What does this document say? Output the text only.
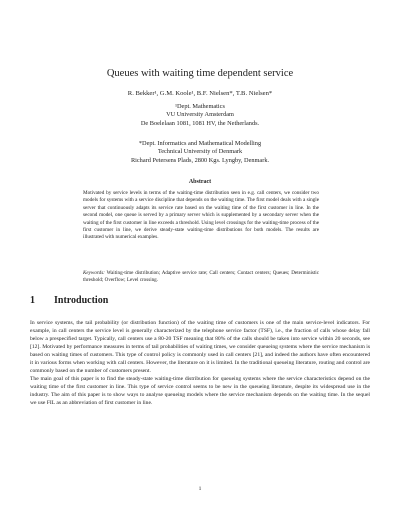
Queues with waiting time dependent service
R. Bekker¹, G.M. Koole¹, B.F. Nielsen*, T.B. Nielsen*
¹Dept. Mathematics
VU University Amsterdam
De Boelelaan 1081, 1081 HV, the Netherlands.
*Dept. Informatics and Mathematical Modelling
Technical University of Denmark
Richard Petersens Plads, 2800 Kgs. Lyngby, Denmark.
Abstract
Motivated by service levels in terms of the waiting-time distribution seen in e.g. call centers, we consider two models for systems with a service discipline that depends on the waiting time. The first model deals with a single server that continuously adapts its service rate based on the waiting time of the first customer in line. In the second model, one queue is served by a primary server which is supplemented by a secondary server when the waiting of the first customer in line exceeds a threshold. Using level crossings for the waiting-time process of the first customer in line, we derive steady-state waiting-time distributions for both models. The results are illustrated with numerical examples.
Keywords: Waiting-time distribution; Adaptive service rate; Call centers; Contact centers; Queues; Deterministic threshold; Overflow; Level crossing.
1 Introduction

In service systems, the tail probability (or distribution function) of the waiting time of customers is one of the main service-level indicators. For example, in call centers the service level is generally characterized by the telephone service factor (TSF), i.e., the fraction of calls whose delay fall below a prespecified target. Typically, call centers use a 80-20 TSF meaning that 80% of the calls should be taken into service within 20 seconds, see [12]. Motivated by performance measures in terms of tail probabilities of waiting times, we consider queueing systems where the service mechanism is based on waiting times of customers. This type of control policy is commonly used in call centers [21], and indeed the authors have often encountered it in various forms when working with call centers. However, the literature on it is limited. In the traditional queueing literature, routing and control are commonly based on the number of customers present.

The main goal of this paper is to find the steady-state waiting-time distribution for queueing systems where the service characteristics depend on the waiting time of the first customer in line. This type of service control seems to be new in the queueing literature, despite its widespread use in the industry. The aim of this paper is to show ways to analyse queueing models where the service mechanism depends on the waiting time. In the sequel we use FIL as an abbreviation of first customer in line.

1
